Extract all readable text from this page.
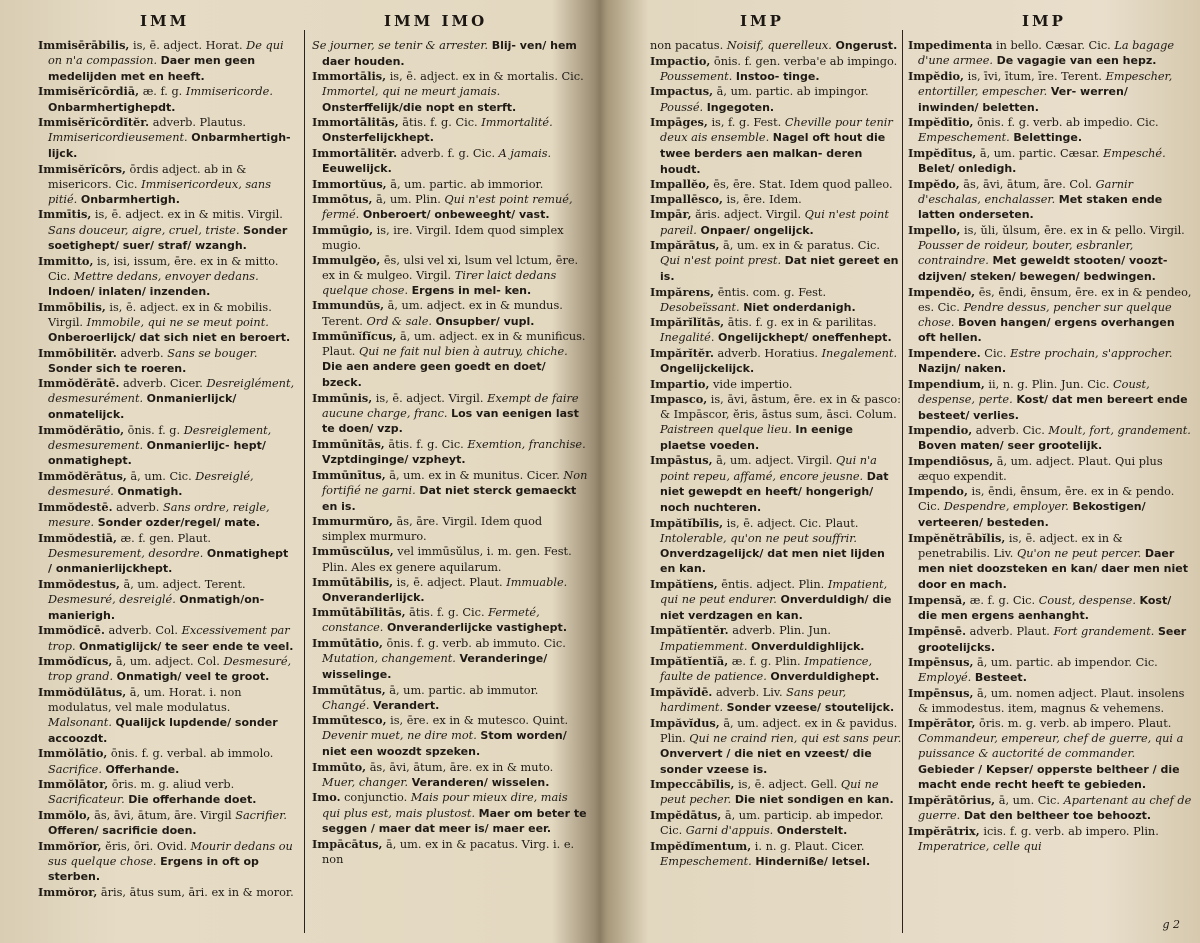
IMM	IMM IMO

Immisērābilis, is, ē. adject. Horat. De qui on n'a compassion. Daer men geen medelijden met en heeft.

Immisĕrĭcōrdiā, æ. f. g. Immisericorde. Onbarmhertighepdt.

Immisĕrĭcōrdĭtĕr. adverb. Plautus. Immisericordieusement. Onbarmhertigh- lijck.

Immisĕrĭcōrs, ōrdis adject. ab in & misericors. Cic. Immisericordeux, sans pitié. Onbarmhertigh.

Immītis, is, ē. adject. ex in & mitis. Virgil. Sans douceur, aigre, cruel, triste. Sonder soetighept/ suer/ straf/ wzangh.

Immitto, is, isi, issum, ēre. ex in & mitto. Cic. Mettre dedans, envoyer dedans. Indoen/ inlaten/ inzenden.

Immōbilis, is, ē. adject. ex in & mobilis. Virgil. Immobile, qui ne se meut point. Onberoerlijck/ dat sich niet en beroert.

Immōbilitĕr. adverb. Sans se bouger. Sonder sich te roeren.

Immŏdĕrātē. adverb. Cicer. Desreiglément, desmesurément. Onmanierlijck/ onmatelijck.

Immŏdĕrātio, ōnis. f. g. Desreiglement, desmesurement. Onmanierlijc- hept/ onmatighept.

Immŏdĕrātus, ā, um. Cic. Desreiglé, desmesuré. Onmatigh.

Immŏdestē. adverb. Sans ordre, reigle, mesure. Sonder ozder/regel/ mate.

Immŏdestiā, æ. f. gen. Plaut. Desmesurement, desordre. Onmatighept / onmanierlijckhept.

Immŏdestus, ā, um. adject. Terent. Desmesuré, desreiglé. Onmatigh/on- manierigh.

Immŏdĭcē. adverb. Col. Excessivement par trop. Onmatiglijck/ te seer ende te veel.

Immŏdĭcus, ā, um. adject. Col. Desmesuré, trop grand. Onmatigh/ veel te groot.

Immŏdŭlātus, ā, um. Horat. i. non modulatus, vel male modulatus. Malsonant. Qualijck lupdende/ sonder accoozdt.

Immŏlātio, ōnis. f. g. verbal. ab immolo. Sacrifice. Offerhande.

Immŏlātor, ōris. m. g. aliud verb. Sacrificateur. Die offerhande doet.

Immŏlo, ās, āvi, ātum, āre. Virgil Sacrifier. Offeren/ sacrificie doen.

Immŏrĭor, ĕris, ōri. Ovid. Mourir dedans ou sus quelque chose. Ergens in oft op sterben.

Immŏror, āris, ātus sum, āri. ex in & moror.

Se journer, se tenir & arrester. Blij- ven/ hem daer houden.

Immortālis, is, ē. adject. ex in & mortalis. Cic. Immortel, qui ne meurt jamais. Onsterffelijk/die nopt en sterft.

Immortālitās, ātis. f. g. Cic. Immortalité. Onsterfelijckhept.

Immortālitĕr. adverb. f. g. Cic. A jamais. Eeuwelijck.

Immortŭus, ā, um. partic. ab immorior.

Immōtus, ā, um. Plin. Qui n'est point remué, fermé. Onberoert/ onbeweeght/ vast.

Immūgio, is, ire. Virgil. Idem quod simplex mugio.

Immulgĕo, ēs, ulsi vel xi, lsum vel lctum, ēre. ex in & mulgeo. Virgil. Tirer laict dedans quelque chose. Ergens in mel- ken.

Immundŭs, ā, um. adject. ex in & mundus. Terent. Ord & sale. Onsupber/ vupl.

Immūnĭfĭcus, ā, um. adject. ex in & munificus. Plaut. Qui ne fait nul bien à autruy, chiche. Die aen andere geen goedt en doet/ bzeck.

Immūnis, is, ē. adject. Virgil. Exempt de faire aucune charge, franc. Los van eenigen last te doen/ vzp.

Immūnĭtās, ātis. f. g. Cic. Exemtion, franchise. Vzptdinginge/ vzpheyt.

Immūnītus, ā, um. ex in & munitus. Cicer. Non fortifié ne garni. Dat niet sterck gemaeckt en is.

Immurmŭro, ās, āre. Virgil. Idem quod simplex murmuro.

Immūscŭlus, vel immūsŭlus, i. m. gen. Fest. Plin. Ales ex genere aquilarum.

Immūtābilis, is, ē. adject. Plaut. Immuable. Onveranderlijck.

Immūtābĭlitās, ātis. f. g. Cic. Fermeté, constance. Onveranderlijcke vastighept.

Immūtātio, ōnis. f. g. verb. ab immuto. Cic. Mutation, changement. Veranderinge/ wisselinge.

Immūtātus, ā, um. partic. ab immutor. Changé. Verandert.

Immūtesco, is, ēre. ex in & mutesco. Quint. Devenir muet, ne dire mot. Stom worden/ niet een woozdt spzeken.

Immūto, ās, āvi, ātum, āre. ex in & muto. Muer, changer. Veranderen/ wisselen.

Imo. conjunctio. Mais pour mieux dire, mais qui plus est, mais plustost. Maer om beter te seggen / maer dat meer is/ maer eer.

Impācātus, ā, um. ex in & pacatus. Virg. i. e. non

IMP	IMP

non pacatus. Noisif, querelleux. Ongerust.

Impactio, ōnis. f. gen. verba'e ab impingo. Poussement. Instoo- tinge.

Impactus, ā, um. partic. ab impingor. Poussé. Ingegoten.

Impāges, is, f. g. Fest. Cheville pour tenir deux ais ensemble. Nagel oft hout die twee berders aen malkan- deren houdt.

Impallĕo, ēs, ēre. Stat. Idem quod palleo.

Impallēsco, is, ēre. Idem.

Impār, ăris. adject. Virgil. Qui n'est point pareil. Onpaer/ ongelijck.

Impărātus, ā, um. ex in & paratus. Cic. Qui n'est point prest. Dat niet gereet en is.

Impărens, ēntis. com. g. Fest. Desobeïssant. Niet onderdanigh.

Impărĭlĭtās, ātis. f. g. ex in & parilitas. Inegalité. Ongelijckhept/ oneffenhept.

Impărĭtĕr. adverb. Horatius. Inegalement. Ongelijckelijck.

Impartio, vide impertio.

Impasco, is, āvi, āstum, ēre. ex in & pasco: & Impāscor, ĕris, āstus sum, āsci. Colum. Paistreen quelque lieu. In eenige plaetse voeden.

Impāstus, ā, um. adject. Virgil. Qui n'a point repeu, affamé, encore jeusne. Dat niet gewepdt en heeft/ hongerigh/ noch nuchteren.

Impătĭbĭlis, is, ē. adject. Cic. Plaut. Intolerable, qu'on ne peut souffrir. Onverdzagelijck/ dat men niet lijden en kan.

Impătĭens, ēntis. adject. Plin. Impatient, qui ne peut endurer. Onverduldigh/ die niet verdzagen en kan.

Impătĭentĕr. adverb. Plin. Jun. Impatiemment. Onverduldighlijck.

Impătĭentĭā, æ. f. g. Plin. Impatience, faulte de patience. Onverduldighept.

Impăvĭdē. adverb. Liv. Sans peur, hardiment. Sonder vzeese/ stoutelijck.

Impăvĭdus, ā, um. adject. ex in & pavidus. Plin. Qui ne craind rien, qui est sans peur. Onververt / die niet en vzeest/ die sonder vzeese is.

Impeccābĭlis, is, ē. adject. Gell. Qui ne peut pecher. Die niet sondigen en kan.

Impĕdātus, ā, um. particip. ab impedor. Cic. Garni d'appuis. Onderstelt.

Impĕdĭmentum, i. n. g. Plaut. Cicer. Empeschement. Hinderniße/ letsel.

Impedimenta in bello. Cæsar. Cic. La bagage d'une armee. De vagagie van een hepz.

Impĕdio, is, īvi, ītum, īre. Terent. Empescher, entortiller, empescher. Ver- werren/ inwinden/ beletten.

Impĕdītio, ōnis. f. g. verb. ab impedio. Cic. Empeschement. Belettinge.

Impĕdītus, ā, um. partic. Cæsar. Empesché. Belet/ onledigh.

Impĕdo, ās, āvi, ātum, āre. Col. Garnir d'eschalas, enchalasser. Met staken ende latten onderseten.

Impello, is, ŭli, ŭlsum, ēre. ex in & pello. Virgil. Pousser de roideur, bouter, esbranler, contraindre. Met geweldt stooten/ voozt-dzijven/ steken/ bewegen/ bedwingen.

Impendĕo, ēs, ēndi, ēnsum, ēre. ex in & pendeo, es. Cic. Pendre dessus, pencher sur quelque chose. Boven hangen/ ergens overhangen oft hellen.

Impendere. Cic. Estre prochain, s'approcher. Nazijn/ naken.

Impendium, ii, n. g. Plin. Jun. Cic. Coust, despense, perte. Kost/ dat men bereert ende besteet/ verlies.

Impendio, adverb. Cic. Moult, fort, grandement. Boven maten/ seer grootelijk.

Impendiōsus, ā, um. adject. Plaut. Qui plus æquo expendit.

Impendo, is, ēndi, ēnsum, ēre. ex in & pendo. Cic. Despendre, employer. Bekostigen/ verteeren/ besteden.

Impĕnĕtrābĭlis, is, ē. adject. ex in & penetrabilis. Liv. Qu'on ne peut percer. Daer men niet doozsteken en kan/ daer men niet door en mach.

Impensă, æ. f. g. Cic. Coust, despense. Kost/ die men ergens aenhanght.

Impēnsē. adverb. Plaut. Fort grandement. Seer grootelijcks.

Impēnsus, ā, um. partic. ab impendor. Cic. Employé. Besteet.

Impēnsus, ā, um. nomen adject. Plaut. insolens & immodestus. item, magnus & vehemens.

Impĕrātor, ōris. m. g. verb. ab impero. Plaut. Commandeur, empereur, chef de guerre, qui a puissance & auctorité de commander. Gebieder / Kepser/ opperste beltheer / die macht ende recht heeft te gebieden.

Impĕrātōrius, ā, um. Cic. Apartenant au chef de guerre. Dat den beltheer toe behoozt.

Impĕrātrix, icis. f. g. verb. ab impero. Plin. Imperatrice, celle qui

g 2
